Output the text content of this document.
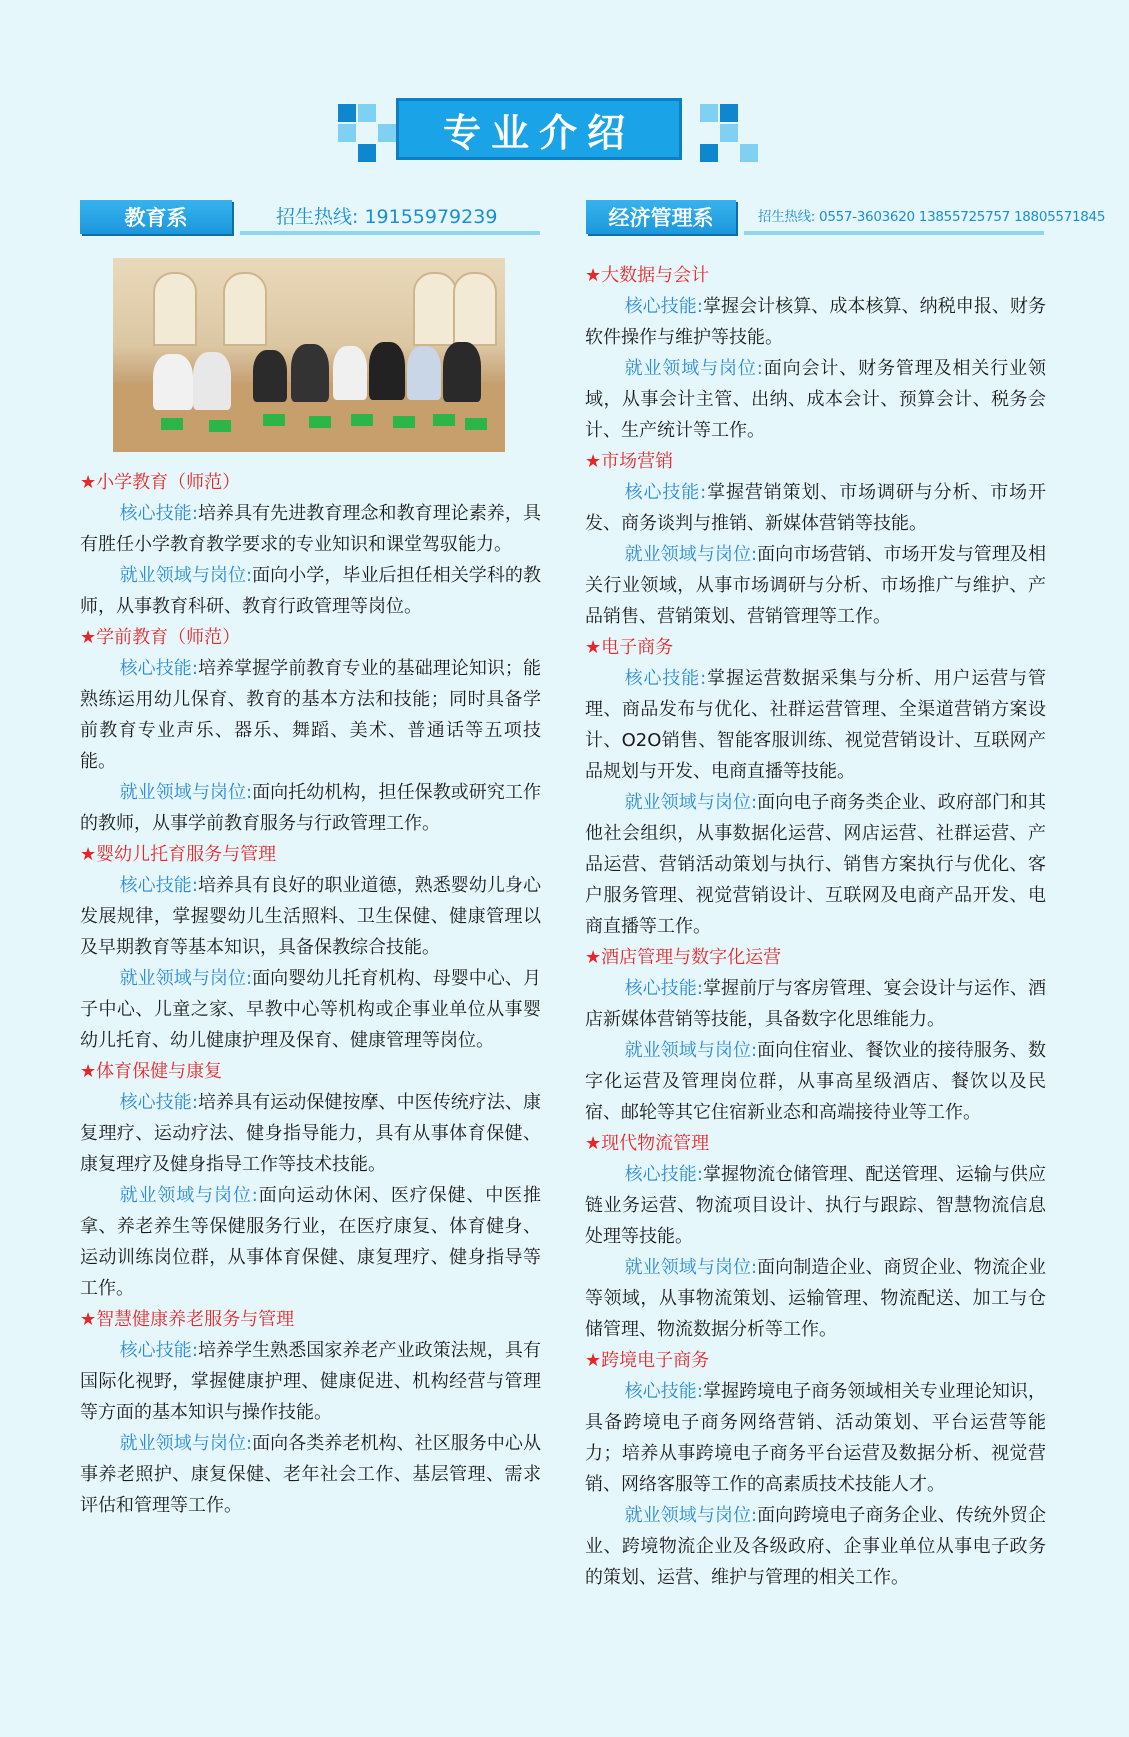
专业介绍
教育系	招生热线: 19155979239	经济管理系	招生热线: 0557-3603620 13855725757 18805571845
★小学教育（师范）
核心技能:培养具有先进教育理念和教育理论素养，具有胜任小学教育教学要求的专业知识和课堂驾驭能力。
就业领域与岗位:面向小学，毕业后担任相关学科的教师，从事教育科研、教育行政管理等岗位。
★学前教育（师范）
核心技能:培养掌握学前教育专业的基础理论知识；能熟练运用幼儿保育、教育的基本方法和技能；同时具备学前教育专业声乐、器乐、舞蹈、美术、普通话等五项技能。
就业领域与岗位:面向托幼机构，担任保教或研究工作的教师，从事学前教育服务与行政管理工作。
★婴幼儿托育服务与管理
核心技能:培养具有良好的职业道德，熟悉婴幼儿身心发展规律，掌握婴幼儿生活照料、卫生保健、健康管理以及早期教育等基本知识，具备保教综合技能。
就业领域与岗位:面向婴幼儿托育机构、母婴中心、月子中心、儿童之家、早教中心等机构或企事业单位从事婴幼儿托育、幼儿健康护理及保育、健康管理等岗位。
★体育保健与康复
核心技能:培养具有运动保健按摩、中医传统疗法、康复理疗、运动疗法、健身指导能力，具有从事体育保健、康复理疗及健身指导工作等技术技能。
就业领域与岗位:面向运动休闲、医疗保健、中医推拿、养老养生等保健服务行业，在医疗康复、体育健身、运动训练岗位群，从事体育保健、康复理疗、健身指导等工作。
★智慧健康养老服务与管理
核心技能:培养学生熟悉国家养老产业政策法规，具有国际化视野，掌握健康护理、健康促进、机构经营与管理等方面的基本知识与操作技能。
就业领域与岗位:面向各类养老机构、社区服务中心从事养老照护、康复保健、老年社会工作、基层管理、需求评估和管理等工作。
★大数据与会计
核心技能:掌握会计核算、成本核算、纳税申报、财务软件操作与维护等技能。
就业领域与岗位:面向会计、财务管理及相关行业领域，从事会计主管、出纳、成本会计、预算会计、税务会计、生产统计等工作。
★市场营销
核心技能:掌握营销策划、市场调研与分析、市场开发、商务谈判与推销、新媒体营销等技能。
就业领域与岗位:面向市场营销、市场开发与管理及相关行业领域，从事市场调研与分析、市场推广与维护、产品销售、营销策划、营销管理等工作。
★电子商务
核心技能:掌握运营数据采集与分析、用户运营与管理、商品发布与优化、社群运营管理、全渠道营销方案设计、O2O销售、智能客服训练、视觉营销设计、互联网产品规划与开发、电商直播等技能。
就业领域与岗位:面向电子商务类企业、政府部门和其他社会组织，从事数据化运营、网店运营、社群运营、产品运营、营销活动策划与执行、销售方案执行与优化、客户服务管理、视觉营销设计、互联网及电商产品开发、电商直播等工作。
★酒店管理与数字化运营
核心技能:掌握前厅与客房管理、宴会设计与运作、酒店新媒体营销等技能，具备数字化思维能力。
就业领域与岗位:面向住宿业、餐饮业的接待服务、数字化运营及管理岗位群，从事高星级酒店、餐饮以及民宿、邮轮等其它住宿新业态和高端接待业等工作。
★现代物流管理
核心技能:掌握物流仓储管理、配送管理、运输与供应链业务运营、物流项目设计、执行与跟踪、智慧物流信息处理等技能。
就业领域与岗位:面向制造企业、商贸企业、物流企业等领域，从事物流策划、运输管理、物流配送、加工与仓储管理、物流数据分析等工作。
★跨境电子商务
核心技能:掌握跨境电子商务领域相关专业理论知识，具备跨境电子商务网络营销、活动策划、平台运营等能力；培养从事跨境电子商务平台运营及数据分析、视觉营销、网络客服等工作的高素质技术技能人才。
就业领域与岗位:面向跨境电子商务企业、传统外贸企业、跨境物流企业及各级政府、企事业单位从事电子政务的策划、运营、维护与管理的相关工作。
